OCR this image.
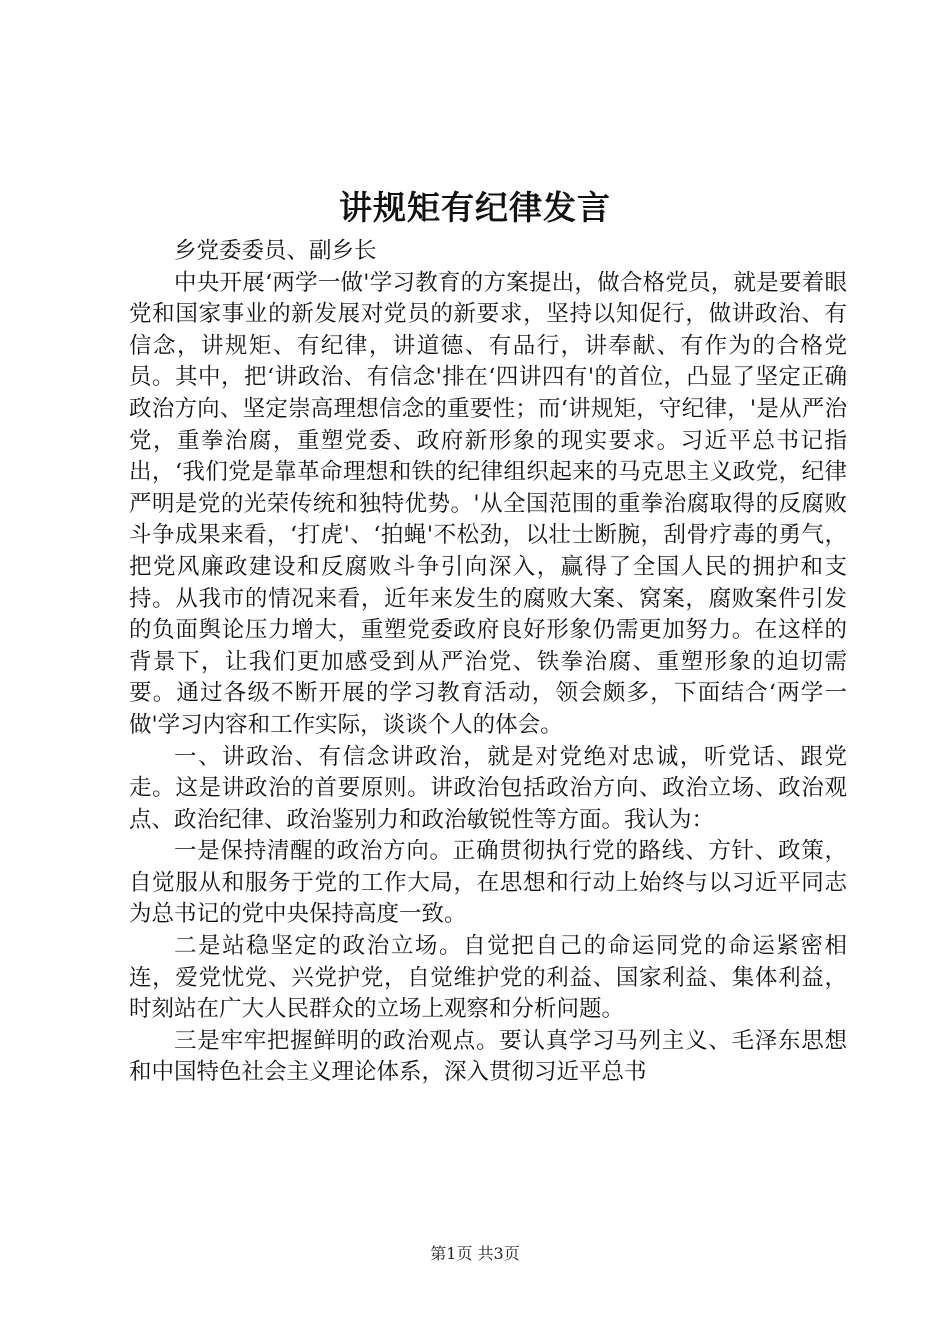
讲规矩有纪律发言

乡党委委员、副乡长

中央开展‘两学一做'学习教育的方案提出，做合格党员，就是要着眼党和国家事业的新发展对党员的新要求，坚持以知促行，做讲政治、有信念，讲规矩、有纪律，讲道德、有品行，讲奉献、有作为的合格党员。其中，把‘讲政治、有信念'排在‘四讲四有'的首位，凸显了坚定正确政治方向、坚定崇高理想信念的重要性；而‘讲规矩，守纪律，'是从严治党，重拳治腐，重塑党委、政府新形象的现实要求。习近平总书记指出，‘我们党是靠革命理想和铁的纪律组织起来的马克思主义政党，纪律严明是党的光荣传统和独特优势。'从全国范围的重拳治腐取得的反腐败斗争成果来看，‘打虎'、‘拍蝇'不松劲，以壮士断腕，刮骨疗毒的勇气，把党风廉政建设和反腐败斗争引向深入，赢得了全国人民的拥护和支持。从我市的情况来看，近年来发生的腐败大案、窝案，腐败案件引发的负面舆论压力增大，重塑党委政府良好形象仍需更加努力。在这样的背景下，让我们更加感受到从严治党、铁拳治腐、重塑形象的迫切需要。通过各级不断开展的学习教育活动，领会颇多，下面结合‘两学一做'学习内容和工作实际，谈谈个人的体会。

一、讲政治、有信念讲政治，就是对党绝对忠诚，听党话、跟党走。这是讲政治的首要原则。讲政治包括政治方向、政治立场、政治观点、政治纪律、政治鉴别力和政治敏锐性等方面。我认为：

一是保持清醒的政治方向。正确贯彻执行党的路线、方针、政策，自觉服从和服务于党的工作大局，在思想和行动上始终与以习近平同志为总书记的党中央保持高度一致。

二是站稳坚定的政治立场。自觉把自己的命运同党的命运紧密相连，爱党忧党、兴党护党，自觉维护党的利益、国家利益、集体利益，时刻站在广大人民群众的立场上观察和分析问题。

三是牢牢把握鲜明的政治观点。要认真学习马列主义、毛泽东思想和中国特色社会主义理论体系，深入贯彻习近平总书

第1页 共3页
